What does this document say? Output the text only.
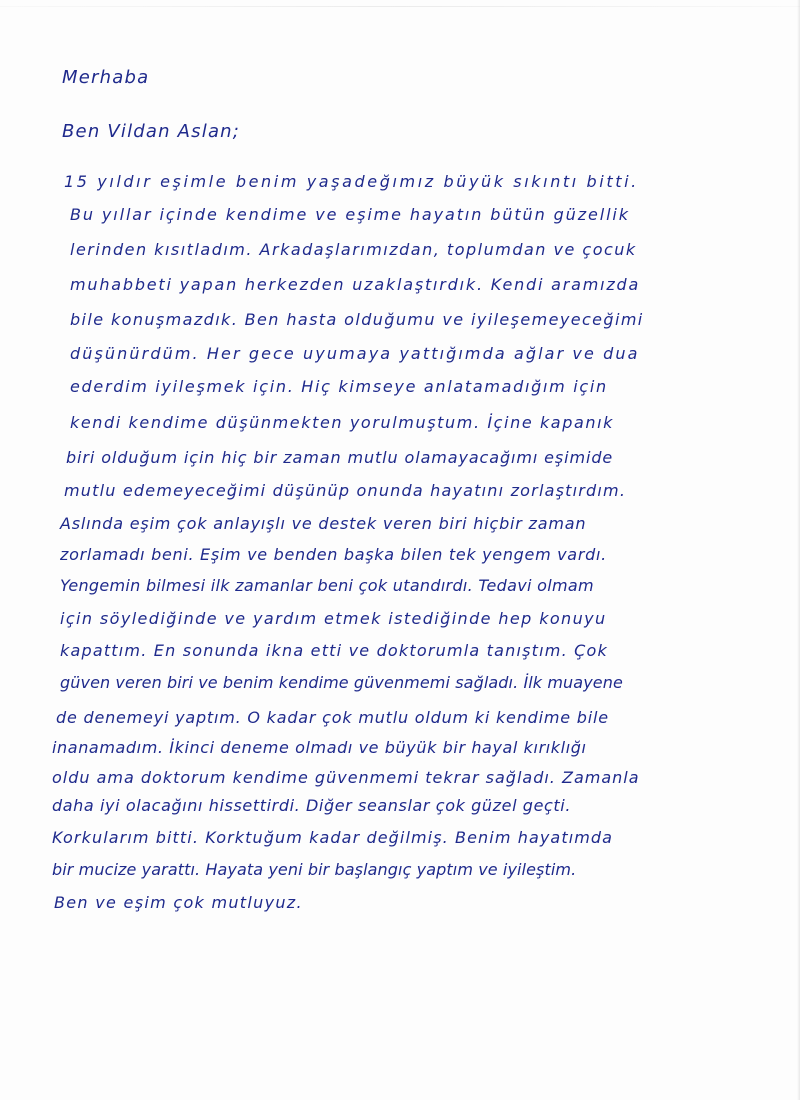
Merhaba
Ben Vildan Aslan;
15 yıldır eşimle benim yaşadeğımız büyük sıkıntı bitti.
Bu yıllar içinde kendime ve eşime hayatın bütün güzellik
lerinden kısıtladım. Arkadaşlarımızdan, toplumdan ve çocuk
muhabbeti yapan herkezden uzaklaştırdık. Kendi aramızda
bile konuşmazdık. Ben hasta olduğumu ve iyileşemeyeceğimi
düşünürdüm. Her gece uyumaya yattığımda ağlar ve dua
ederdim iyileşmek için. Hiç kimseye anlatamadığım için
kendi kendime düşünmekten yorulmuştum. İçine kapanık
biri olduğum için hiç bir zaman mutlu olamayacağımı eşimide
mutlu edemeyeceğimi düşünüp onunda hayatını zorlaştırdım.
Aslında eşim çok anlayışlı ve destek veren biri hiçbir zaman
zorlamadı beni. Eşim ve benden başka bilen tek yengem vardı.
Yengemin bilmesi ilk zamanlar beni çok utandırdı. Tedavi olmam
için söylediğinde ve yardım etmek istediğinde hep konuyu
kapattım. En sonunda ikna etti ve doktorumla tanıştım. Çok
güven veren biri ve benim kendime güvenmemi sağladı. İlk muayene
de denemeyi yaptım. O kadar çok mutlu oldum ki kendime bile
inanamadım. İkinci deneme olmadı ve büyük bir hayal kırıklığı
oldu ama doktorum kendime güvenmemi tekrar sağladı. Zamanla
daha iyi olacağını hissettirdi. Diğer seanslar çok güzel geçti.
Korkularım bitti. Korktuğum kadar değilmiş. Benim hayatımda
bir mucize yarattı. Hayata yeni bir başlangıç yaptım ve iyileştim.
Ben ve eşim çok mutluyuz.
